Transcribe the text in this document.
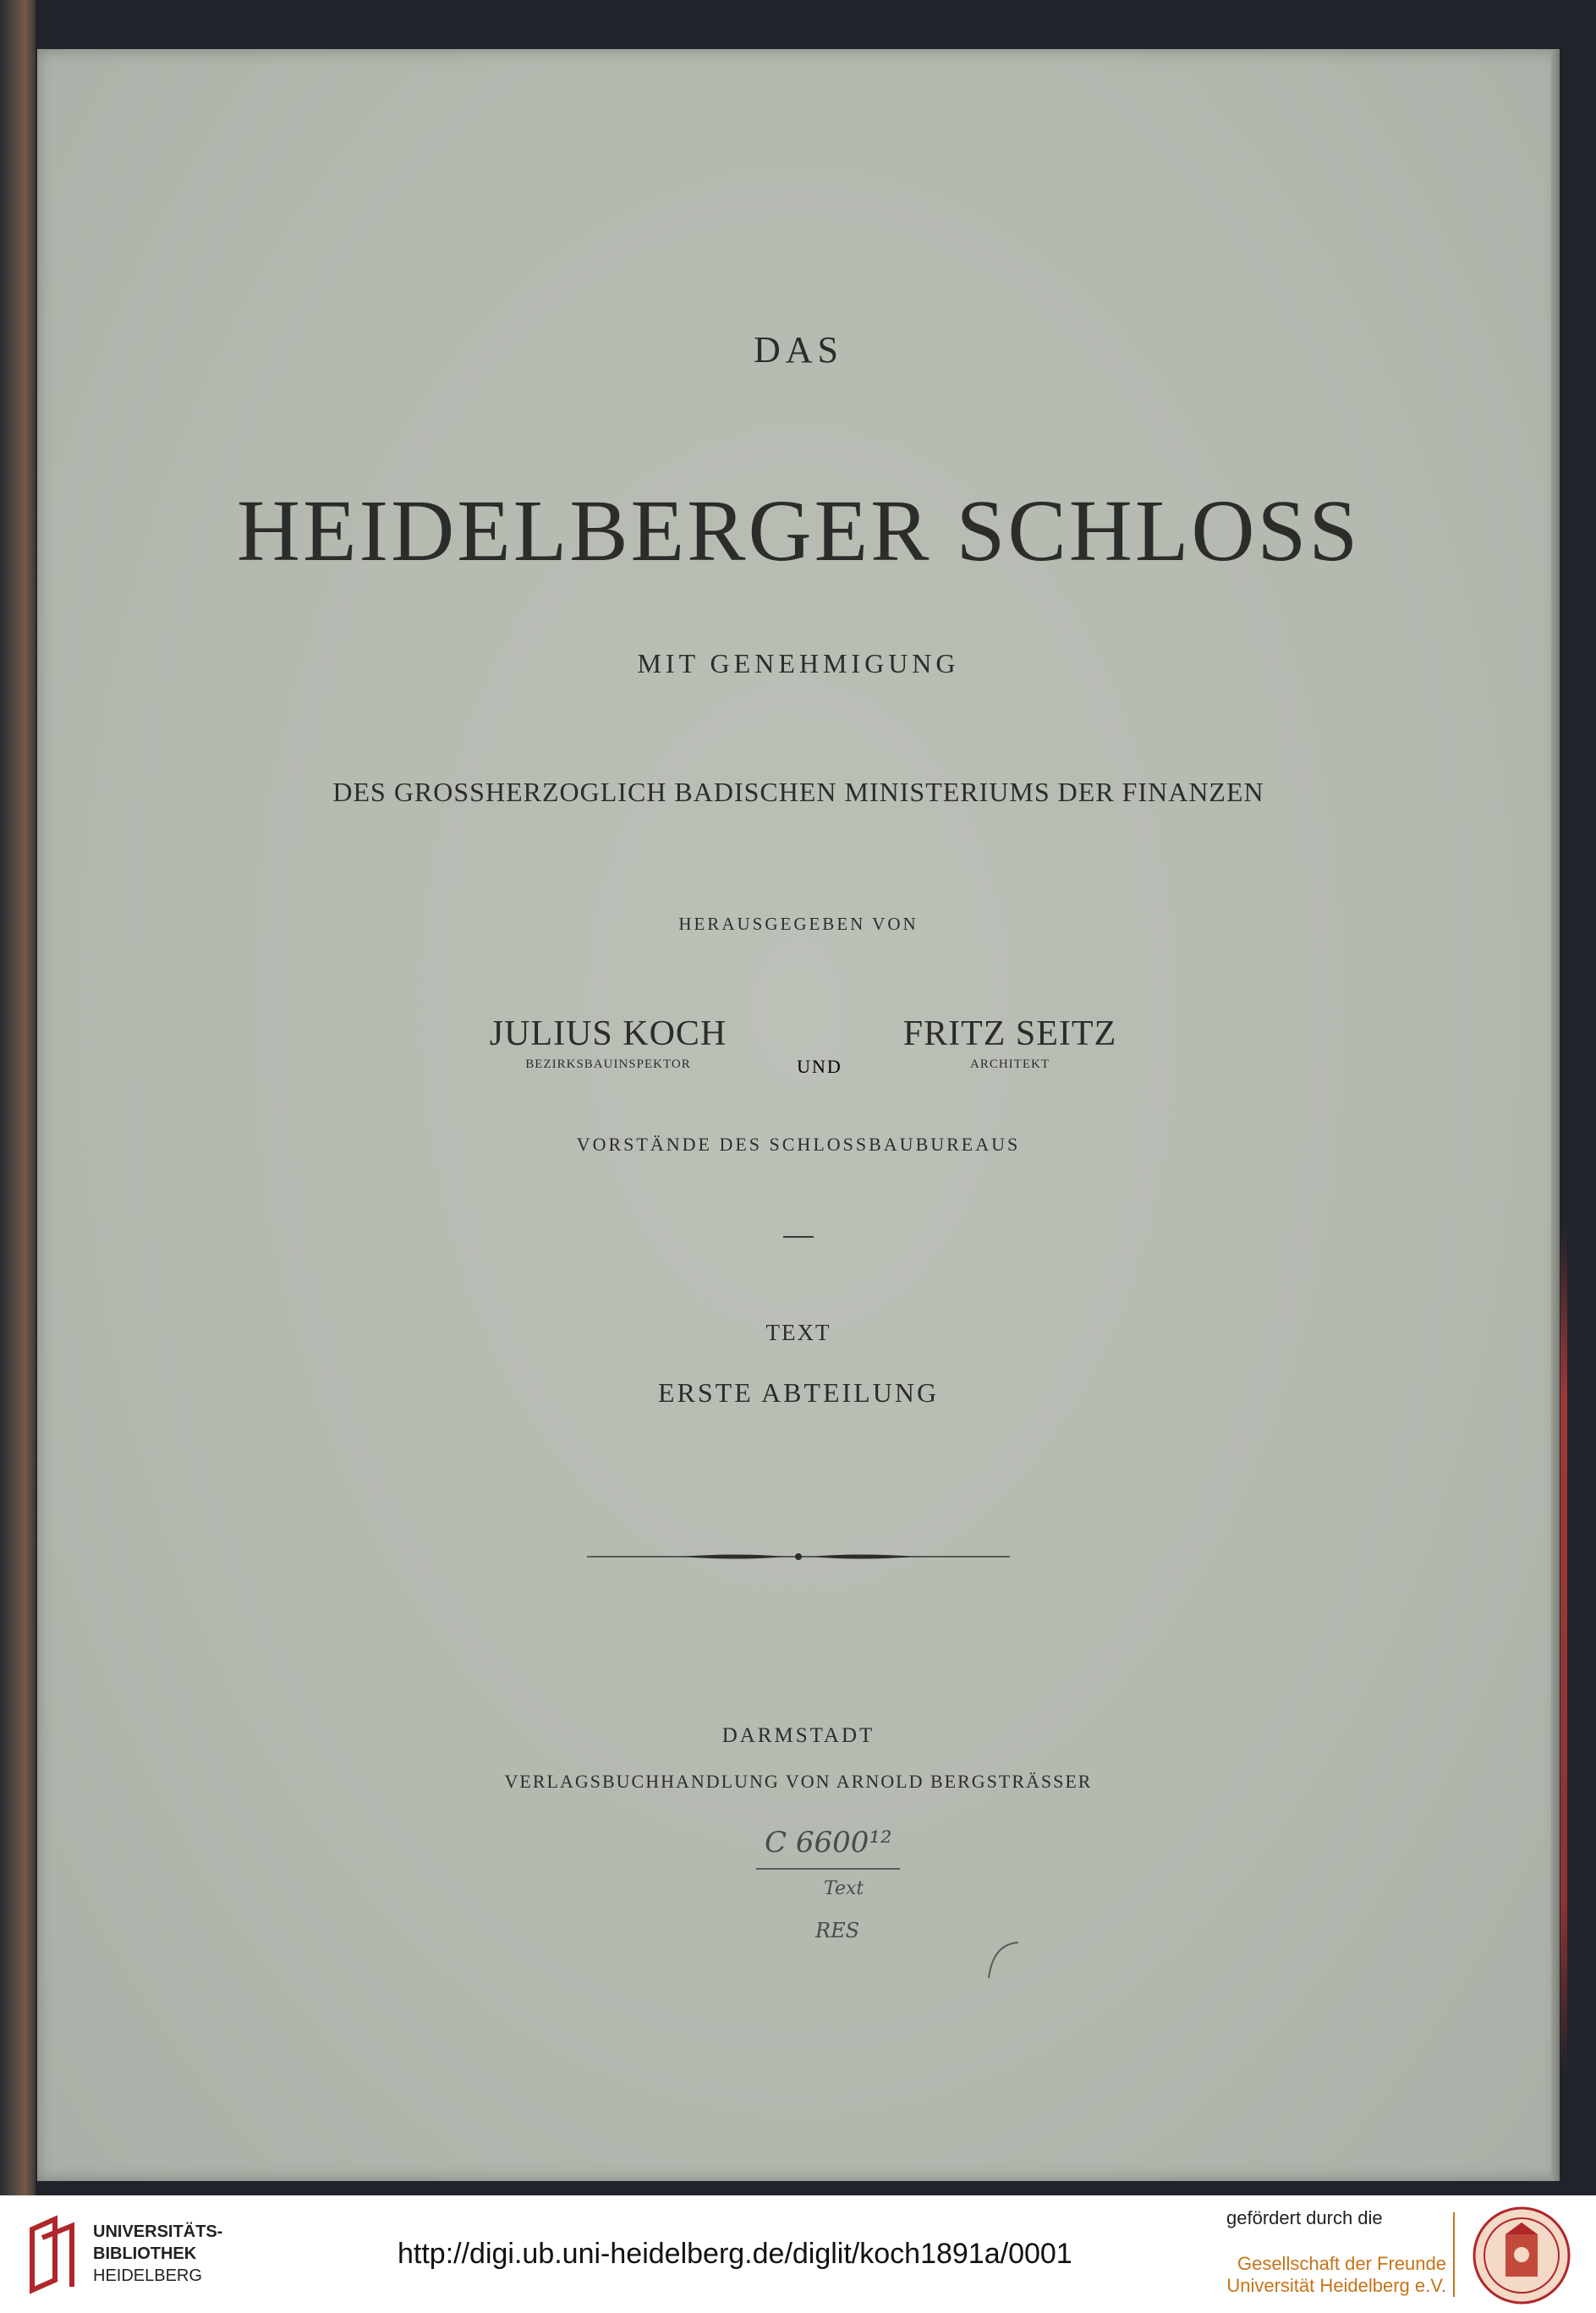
DAS

HEIDELBERGER SCHLOSS

MIT GENEHMIGUNG

DES GROSSHERZOGLICH BADISCHEN MINISTERIUMS DER FINANZEN

HERAUSGEGEBEN VON

JULIUS KOCH
BEZIRKSBAUINSPEKTOR	UND
FRITZ SEITZ
ARCHITEKT

VORSTÄNDE DES SCHLOSSBAUBUREAUS

TEXT

ERSTE ABTEILUNG

DARMSTADT

VERLAGSBUCHHANDLUNG VON ARNOLD BERGSTRÄSSER

C 6600¹²
Text
RES
UNIVERSITÄTS-
BIBLIOTHEK
HEIDELBERG
http://digi.ub.uni-heidelberg.de/diglit/koch1891a/0001
gefördert durch die
Gesellschaft der Freunde
Universität Heidelberg e.V.
